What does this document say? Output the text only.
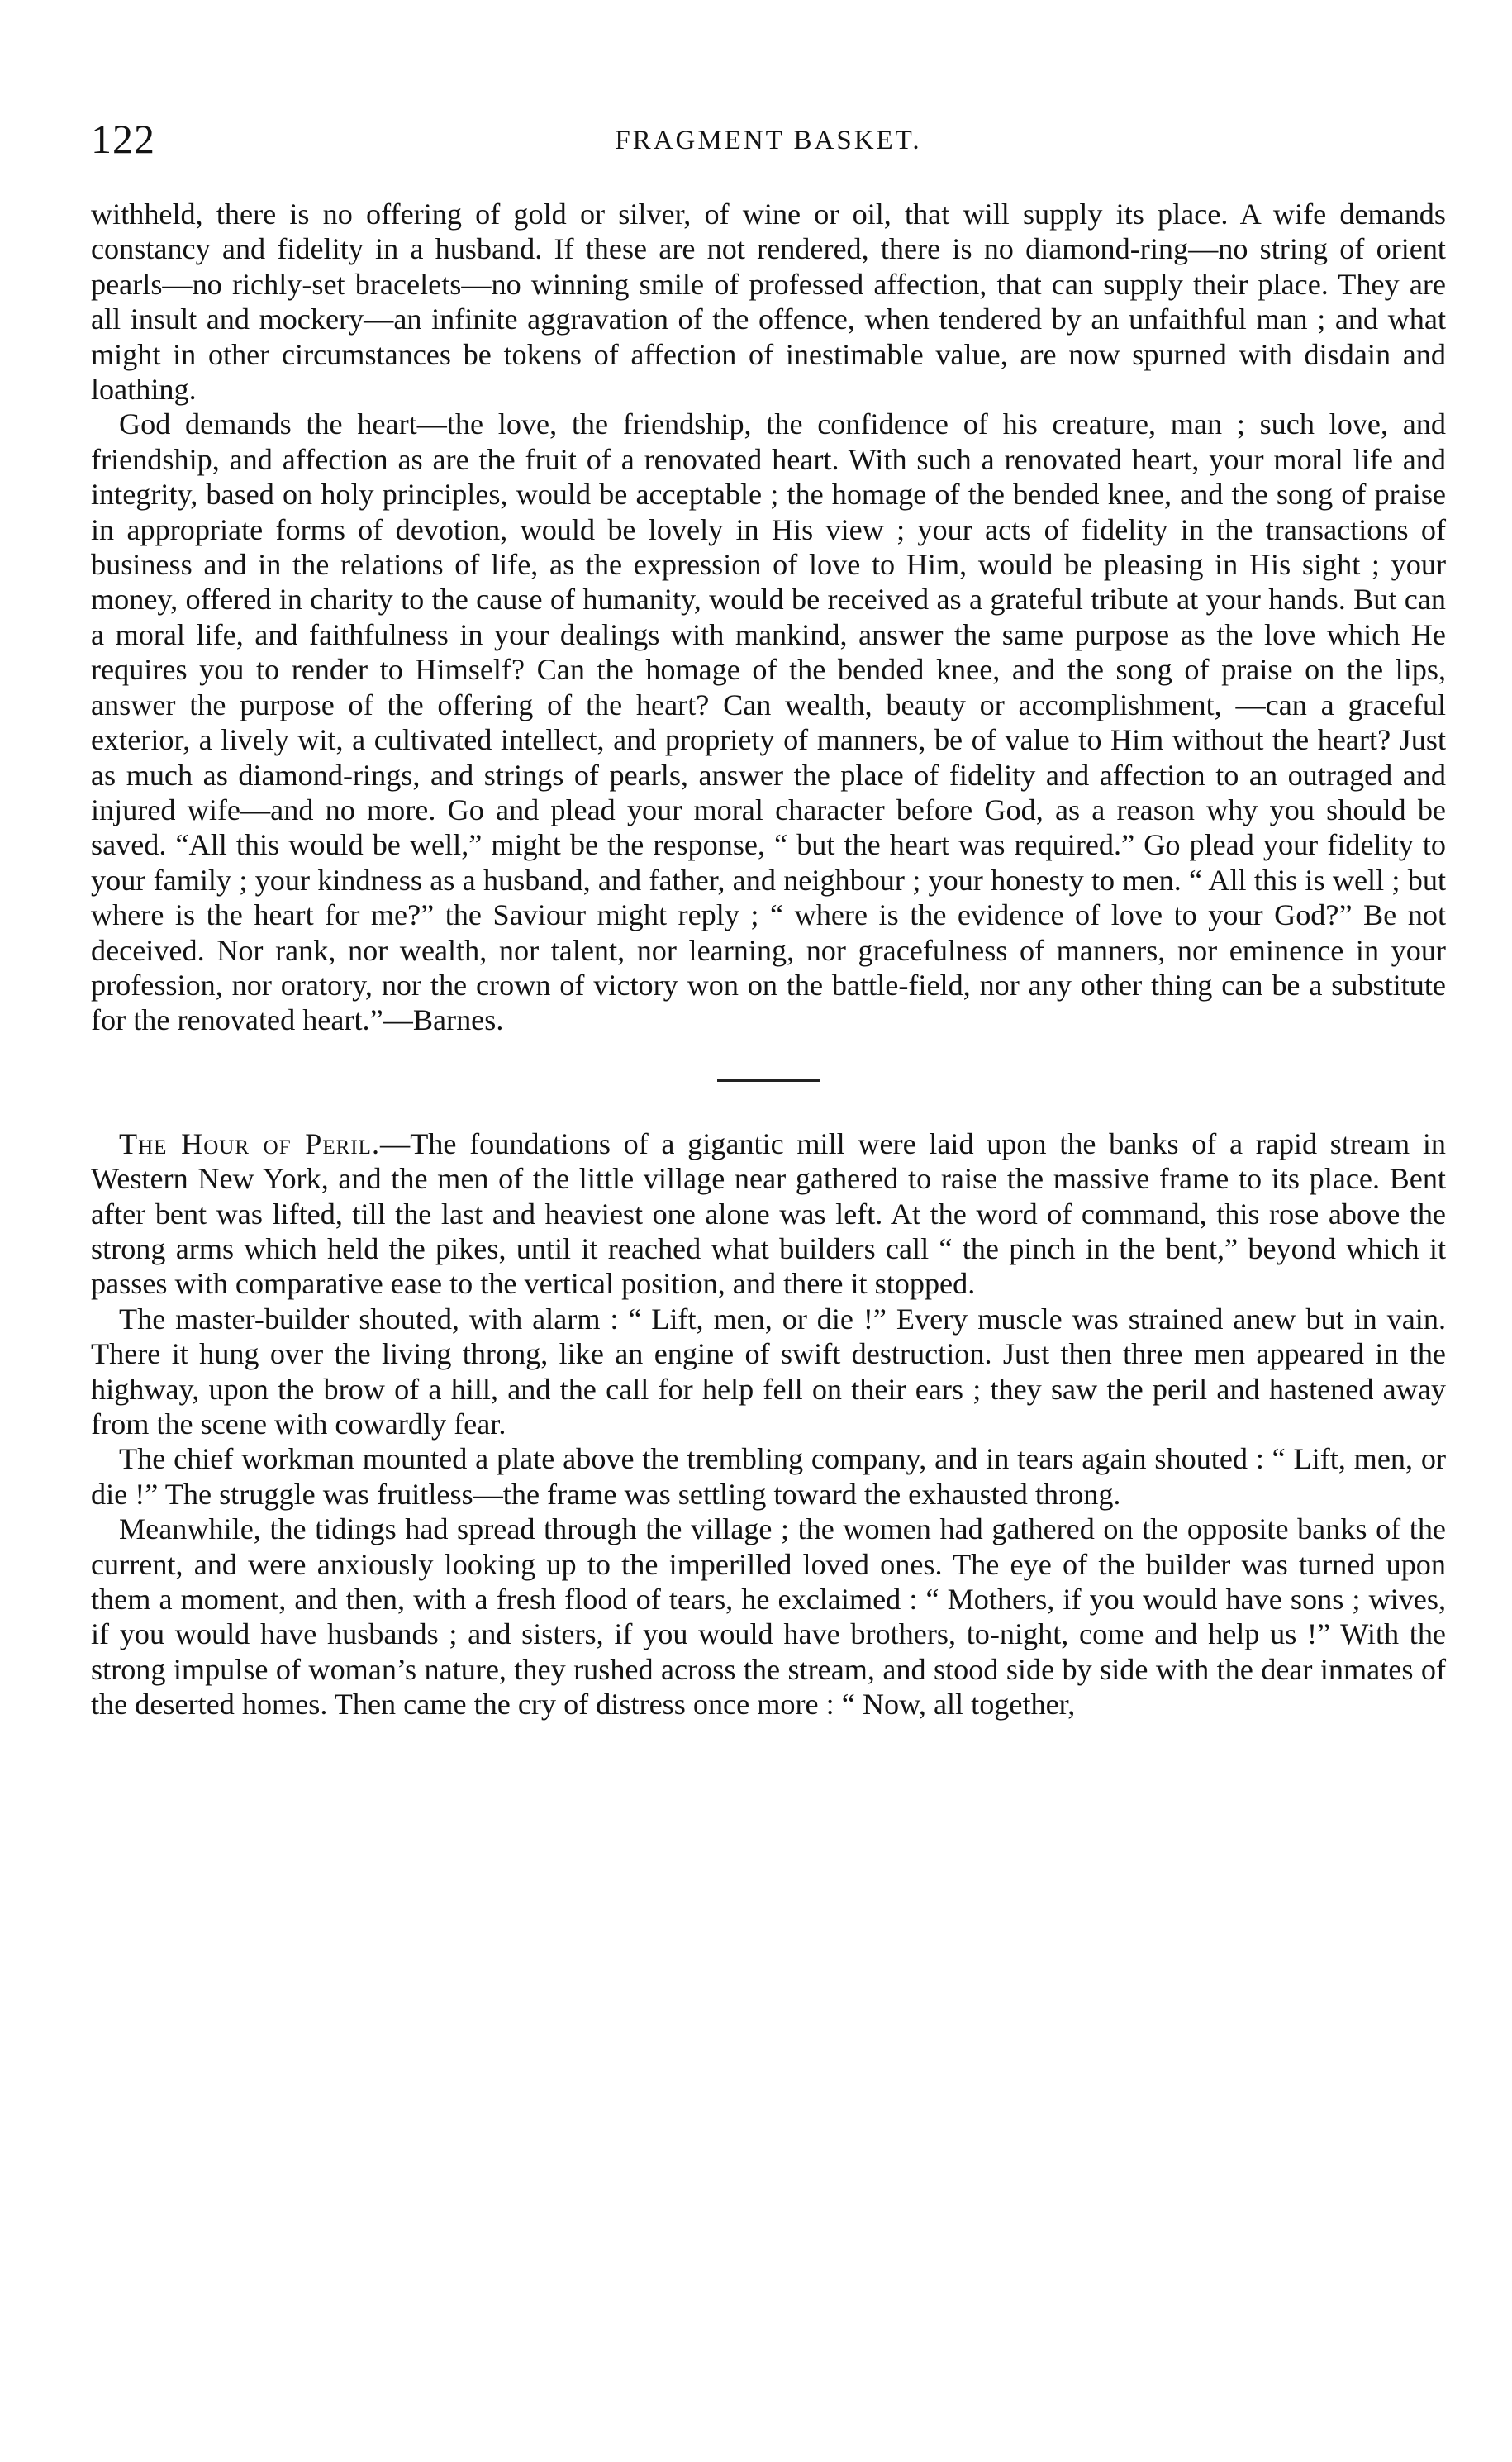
122	FRAGMENT BASKET.

withheld, there is no offering of gold or silver, of wine or oil, that will supply its place. A wife demands constancy and fidelity in a husband. If these are not rendered, there is no diamond-ring—no string of orient pearls—no richly-set bracelets—no winning smile of professed affection, that can supply their place. They are all insult and mockery—an infinite aggravation of the offence, when tendered by an unfaithful man ; and what might in other circumstances be tokens of affection of inestimable value, are now spurned with disdain and loathing.

God demands the heart—the love, the friendship, the confidence of his creature, man ; such love, and friendship, and affection as are the fruit of a renovated heart. With such a renovated heart, your moral life and integrity, based on holy principles, would be acceptable ; the homage of the bended knee, and the song of praise in appropriate forms of devotion, would be lovely in His view ; your acts of fidelity in the transactions of business and in the relations of life, as the expression of love to Him, would be pleasing in His sight ; your money, offered in charity to the cause of humanity, would be received as a grateful tribute at your hands. But can a moral life, and faithfulness in your dealings with mankind, answer the same purpose as the love which He requires you to render to Himself? Can the homage of the bended knee, and the song of praise on the lips, answer the purpose of the offering of the heart? Can wealth, beauty or accomplishment, —can a graceful exterior, a lively wit, a cultivated intellect, and propriety of manners, be of value to Him without the heart? Just as much as diamond-rings, and strings of pearls, answer the place of fidelity and affection to an outraged and injured wife—and no more. Go and plead your moral character before God, as a reason why you should be saved. “All this would be well,” might be the response, “ but the heart was required.” Go plead your fidelity to your family ; your kindness as a husband, and father, and neighbour ; your honesty to men. “ All this is well ; but where is the heart for me?” the Saviour might reply ; “ where is the evidence of love to your God?” Be not deceived. Nor rank, nor wealth, nor talent, nor learning, nor gracefulness of manners, nor eminence in your profession, nor oratory, nor the crown of victory won on the battle-field, nor any other thing can be a substitute for the renovated heart.”—Barnes.

The Hour of Peril.—The foundations of a gigantic mill were laid upon the banks of a rapid stream in Western New York, and the men of the little village near gathered to raise the massive frame to its place. Bent after bent was lifted, till the last and heaviest one alone was left. At the word of command, this rose above the strong arms which held the pikes, until it reached what builders call “ the pinch in the bent,” beyond which it passes with comparative ease to the vertical position, and there it stopped.

The master-builder shouted, with alarm : “ Lift, men, or die !” Every muscle was strained anew but in vain. There it hung over the living throng, like an engine of swift destruction. Just then three men appeared in the highway, upon the brow of a hill, and the call for help fell on their ears ; they saw the peril and hastened away from the scene with cowardly fear.

The chief workman mounted a plate above the trembling company, and in tears again shouted : “ Lift, men, or die !” The struggle was fruitless—the frame was settling toward the exhausted throng.

Meanwhile, the tidings had spread through the village ; the women had gathered on the opposite banks of the current, and were anxiously looking up to the imperilled loved ones. The eye of the builder was turned upon them a moment, and then, with a fresh flood of tears, he exclaimed : “ Mothers, if you would have sons ; wives, if you would have husbands ; and sisters, if you would have brothers, to-night, come and help us !” With the strong impulse of woman’s nature, they rushed across the stream, and stood side by side with the dear inmates of the deserted homes. Then came the cry of distress once more : “ Now, all together,
